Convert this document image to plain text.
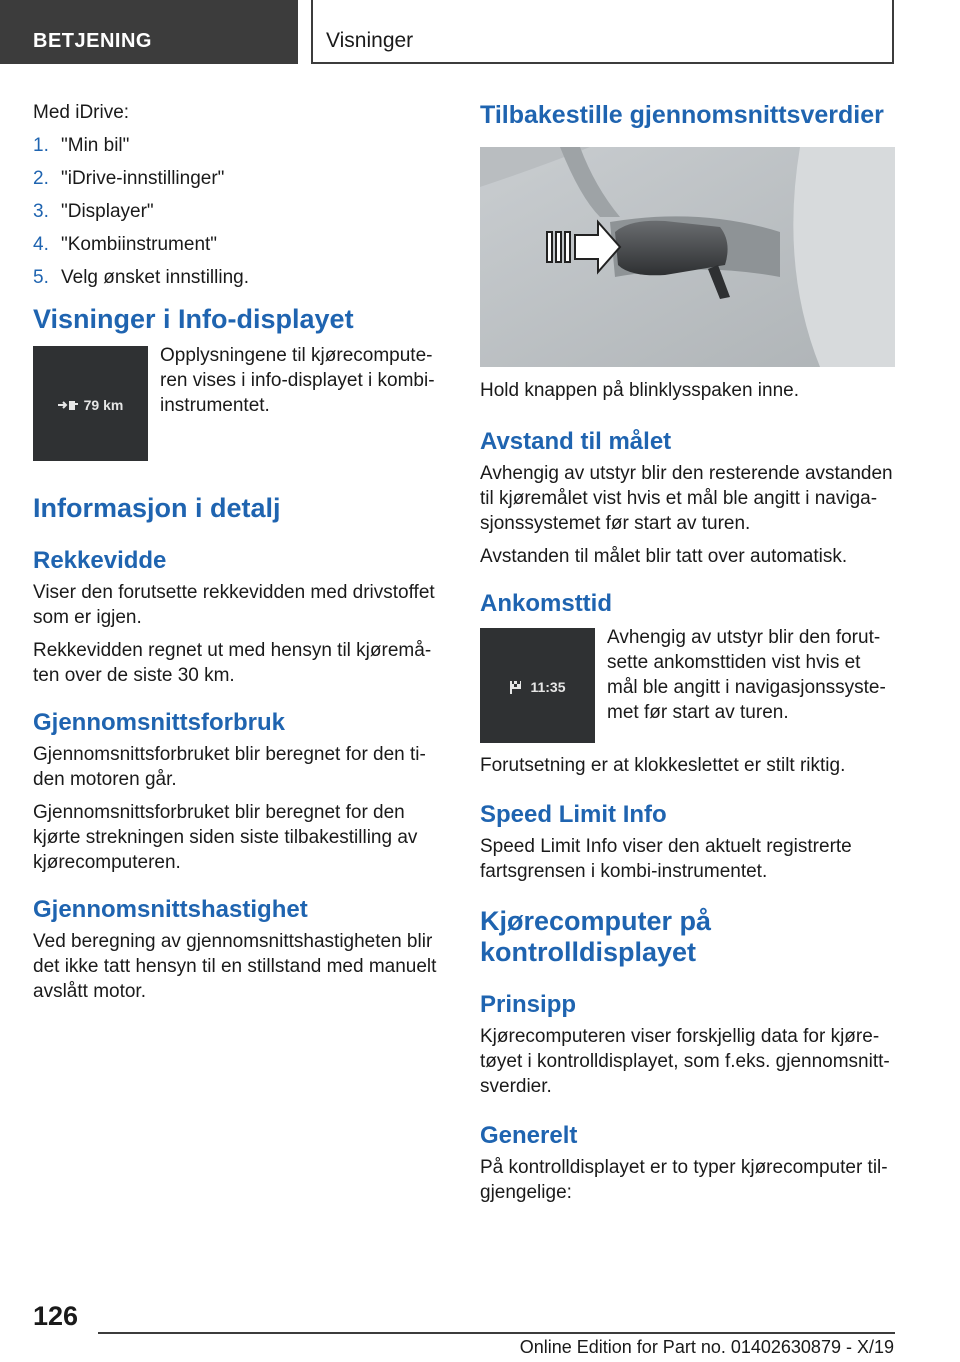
BETJENING	Visninger

Med iDrive:

1. "Min bil"
2. "iDrive-innstillinger"
3. "Displayer"
4. "Kombiinstrument"
5. Velg ønsket innstilling.
Visninger i Info-displayet
79 km

Opplysningene til kjørecomputeren vises i info-displayet i kombiinstrumentet.

Informasjon i detalj
Rekkevidde

Viser den forutsette rekkevidden med drivstoffet som er igjen.

Rekkevidden regnet ut med hensyn til kjøremåten over de siste 30 km.

Gjennomsnittsforbruk

Gjennomsnittsforbruket blir beregnet for den tiden motoren går.

Gjennomsnittsforbruket blir beregnet for den kjørte strekningen siden siste tilbakestilling av kjørecomputeren.

Gjennomsnittshastighet

Ved beregning av gjennomsnittshastigheten blir det ikke tatt hensyn til en stillstand med manuelt avslått motor.

Tilbakestille gjennomsnittsverdier

Hold knappen på blinklysspaken inne.

Avstand til målet

Avhengig av utstyr blir den resterende avstanden til kjøremålet vist hvis et mål ble angitt i navigasjonssystemet før start av turen.

Avstanden til målet blir tatt over automatisk.

Ankomsttid
11:35

Avhengig av utstyr blir den forutsette ankomsttiden vist hvis et mål ble angitt i navigasjonssystemet før start av turen.

Forutsetning er at klokkeslettet er stilt riktig.

Speed Limit Info

Speed Limit Info viser den aktuelt registrerte fartsgrensen i kombi-instrumentet.

Kjørecomputer på kontrolldisplayet
Prinsipp

Kjørecomputeren viser forskjellig data for kjøretøyet i kontrolldisplayet, som f.eks. gjennomsnittsverdier.

Generelt

På kontrolldisplayet er to typer kjørecomputer tilgjengelige:

126
Online Edition for Part no. 01402630879 - X/19
